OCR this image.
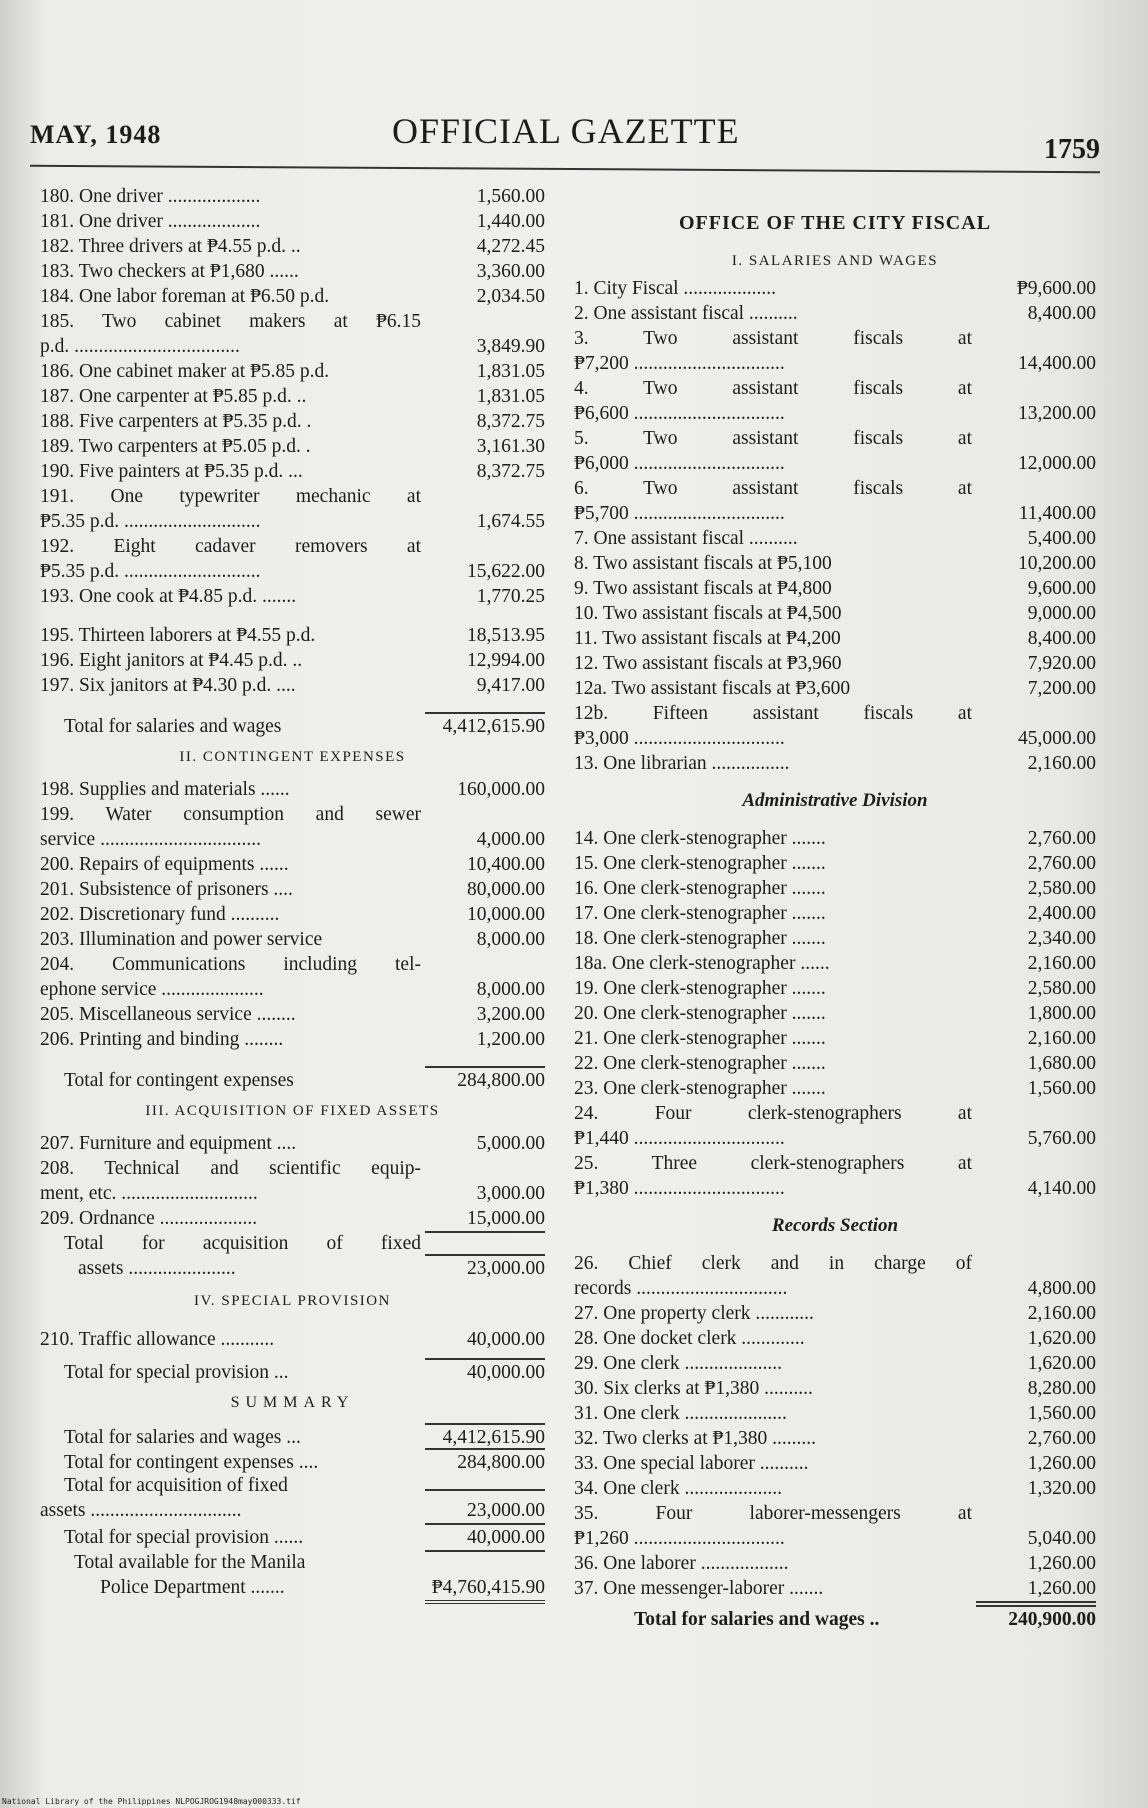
MAY, 1948	OFFICIAL GAZETTE	1759
180. One driver ...................	1,560.00
181. One driver ...................	1,440.00
182. Three drivers at ₱4.55 p.d. ..	4,272.45
183. Two checkers at ₱1,680 ......	3,360.00
184. One labor foreman at ₱6.50 p.d.	2,034.50
185. Two cabinet makers at ₱6.15
p.d. ..................................	3,849.90
186. One cabinet maker at ₱5.85 p.d.	1,831.05
187. One carpenter at ₱5.85 p.d. ..	1,831.05
188. Five carpenters at ₱5.35 p.d. .	8,372.75
189. Two carpenters at ₱5.05 p.d. .	3,161.30
190. Five painters at ₱5.35 p.d. ...	8,372.75
191. One typewriter mechanic at
₱5.35 p.d. ............................	1,674.55
192. Eight cadaver removers at
₱5.35 p.d. ............................	15,622.00
193. One cook at ₱4.85 p.d. .......	1,770.25
195. Thirteen laborers at ₱4.55 p.d.	18,513.95
196. Eight janitors at ₱4.45 p.d. ..	12,994.00
197. Six janitors at ₱4.30 p.d. ....	9,417.00
Total for salaries and wages	4,412,615.90
II. CONTINGENT EXPENSES
198. Supplies and materials ......	160,000.00
199. Water consumption and sewer
service .................................	4,000.00
200. Repairs of equipments ......	10,400.00
201. Subsistence of prisoners ....	80,000.00
202. Discretionary fund ..........	10,000.00
203. Illumination and power service	8,000.00
204. Communications including tel-
ephone service .....................	8,000.00
205. Miscellaneous service ........	3,200.00
206. Printing and binding ........	1,200.00
Total for contingent expenses	284,800.00
III. ACQUISITION OF FIXED ASSETS
207. Furniture and equipment ....	5,000.00
208. Technical and scientific equip-
ment, etc. ............................	3,000.00
209. Ordnance ....................	15,000.00
Total for acquisition of fixed
assets ......................	23,000.00
IV. SPECIAL PROVISION
210. Traffic allowance ...........	40,000.00
Total for special provision ...	40,000.00
SUMMARY
Total for salaries and wages ...	4,412,615.90
Total for contingent expenses ....	284,800.00
Total for acquisition of fixed
assets ...............................	23,000.00
Total for special provision ......	40,000.00
Total available for the Manila
Police Department .......	₱4,760,415.90
OFFICE OF THE CITY FISCAL
I. SALARIES AND WAGES
1. City Fiscal ...................	₱9,600.00
2. One assistant fiscal ..........	8,400.00
3. Two assistant fiscals at
₱7,200 ...............................	14,400.00
4. Two assistant fiscals at
₱6,600 ...............................	13,200.00
5. Two assistant fiscals at
₱6,000 ...............................	12,000.00
6. Two assistant fiscals at
₱5,700 ...............................	11,400.00
7. One assistant fiscal ..........	5,400.00
8. Two assistant fiscals at ₱5,100	10,200.00
9. Two assistant fiscals at ₱4,800	9,600.00
10. Two assistant fiscals at ₱4,500	9,000.00
11. Two assistant fiscals at ₱4,200	8,400.00
12. Two assistant fiscals at ₱3,960	7,920.00
12a. Two assistant fiscals at ₱3,600	7,200.00
12b. Fifteen assistant fiscals at
₱3,000 ...............................	45,000.00
13. One librarian ................	2,160.00
Administrative Division
14. One clerk-stenographer .......	2,760.00
15. One clerk-stenographer .......	2,760.00
16. One clerk-stenographer .......	2,580.00
17. One clerk-stenographer .......	2,400.00
18. One clerk-stenographer .......	2,340.00
18a. One clerk-stenographer ......	2,160.00
19. One clerk-stenographer .......	2,580.00
20. One clerk-stenographer .......	1,800.00
21. One clerk-stenographer .......	2,160.00
22. One clerk-stenographer .......	1,680.00
23. One clerk-stenographer .......	1,560.00
24. Four clerk-stenographers at
₱1,440 ...............................	5,760.00
25. Three clerk-stenographers at
₱1,380 ...............................	4,140.00
Records Section
26. Chief clerk and in charge of
records ...............................	4,800.00
27. One property clerk ............	2,160.00
28. One docket clerk .............	1,620.00
29. One clerk ....................	1,620.00
30. Six clerks at ₱1,380 ..........	8,280.00
31. One clerk .....................	1,560.00
32. Two clerks at ₱1,380 .........	2,760.00
33. One special laborer ..........	1,260.00
34. One clerk ....................	1,320.00
35. Four laborer-messengers at
₱1,260 ...............................	5,040.00
36. One laborer ..................	1,260.00
37. One messenger-laborer .......	1,260.00
Total for salaries and wages ..	240,900.00
National Library of the Philippines NLPOGJROG1948may000333.tif
